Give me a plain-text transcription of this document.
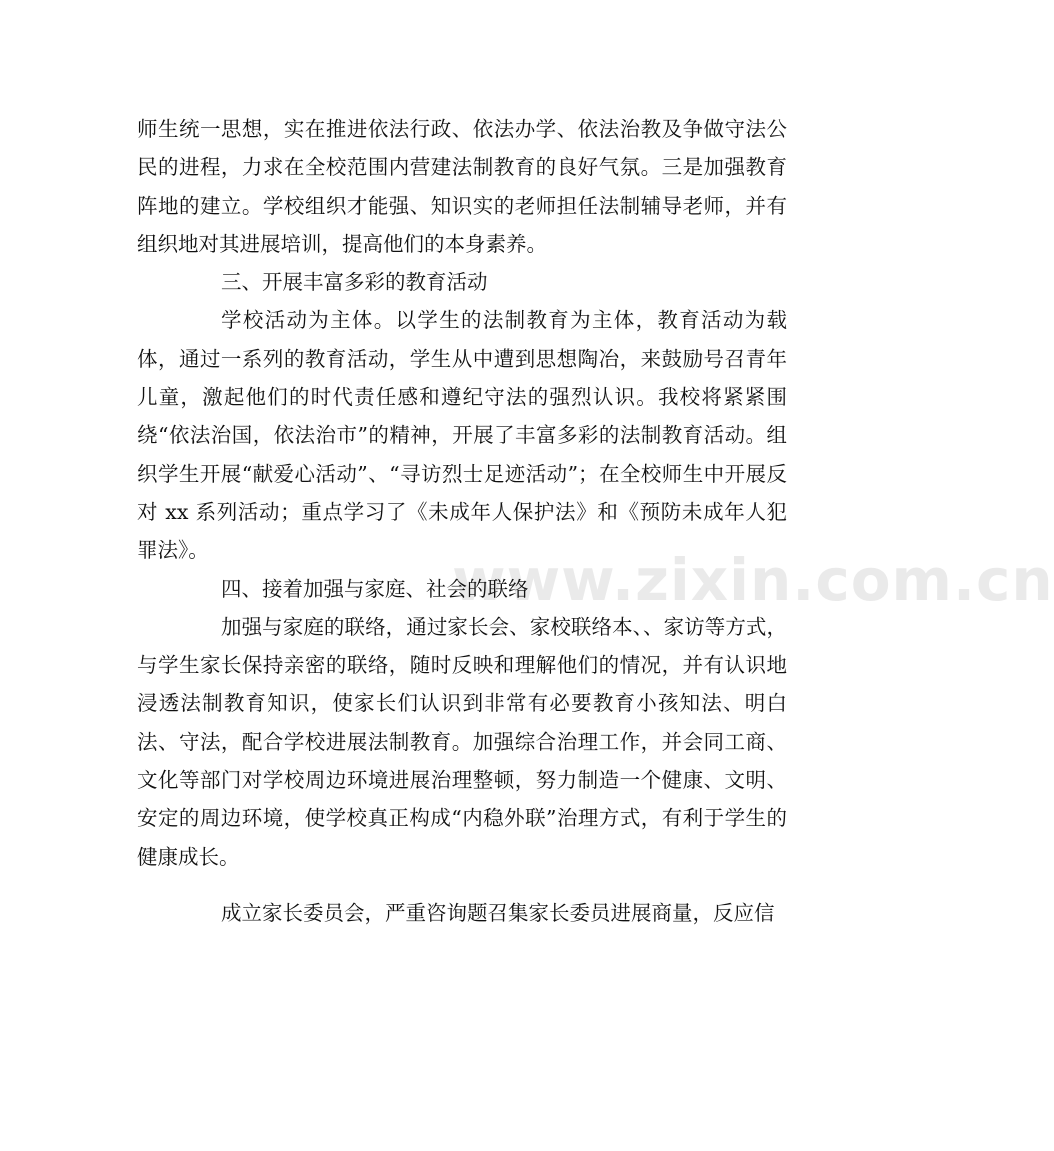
www.zixin.com.cn

师生统一思想，实在推进依法行政、依法办学、依法治教及争做守法公民的进程，力求在全校范围内营建法制教育的良好气氛。三是加强教育阵地的建立。学校组织才能强、知识实的老师担任法制辅导老师，并有组织地对其进展培训，提高他们的本身素养。

三、开展丰富多彩的教育活动

学校活动为主体。以学生的法制教育为主体，教育活动为载体，通过一系列的教育活动，学生从中遭到思想陶冶，来鼓励号召青年儿童，激起他们的时代责任感和遵纪守法的强烈认识。我校将紧紧围绕“依法治国，依法治市”的精神，开展了丰富多彩的法制教育活动。组织学生开展“献爱心活动”、“寻访烈士足迹活动”；在全校师生中开展反对 xx 系列活动；重点学习了《未成年人保护法》和《预防未成年人犯罪法》。

四、接着加强与家庭、社会的联络

加强与家庭的联络，通过家长会、家校联络本、、家访等方式，与学生家长保持亲密的联络，随时反映和理解他们的情况，并有认识地浸透法制教育知识，使家长们认识到非常有必要教育小孩知法、明白法、守法，配合学校进展法制教育。加强综合治理工作，并会同工商、文化等部门对学校周边环境进展治理整顿，努力制造一个健康、文明、安定的周边环境，使学校真正构成“内稳外联”治理方式，有利于学生的健康成长。

成立家长委员会，严重咨询题召集家长委员进展商量，反应信
